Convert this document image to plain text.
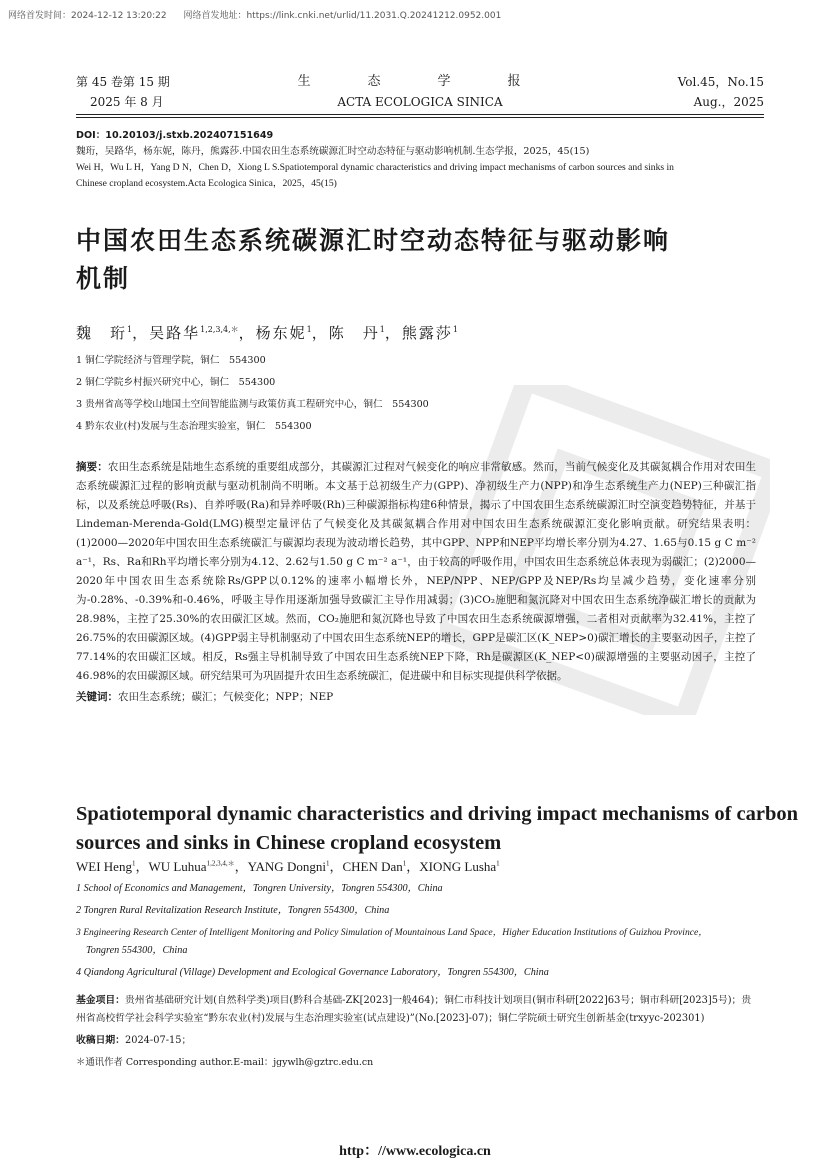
网络首发时间：2024-12-12 13:20:22 网络首发地址：https://link.cnki.net/urlid/11.2031.Q.20241212.0952.001
第 45 卷第 15 期
2025 年 8 月
生　态　学　报
ACTA ECOLOGICA SINICA
Vol.45，No.15
Aug.，2025
DOI：10.20103/j.stxb.202407151649
魏珩，吴路华，杨东妮，陈丹，熊露莎.中国农田生态系统碳源汇时空动态特征与驱动影响机制.生态学报，2025，45(15)
Wei H，Wu L H，Yang D N，Chen D，Xiong L S.Spatiotemporal dynamic characteristics and driving impact mechanisms of carbon sources and sinks in
Chinese cropland ecosystem.Acta Ecologica Sinica，2025，45(15)
中国农田生态系统碳源汇时空动态特征与驱动影响
机制
魏　珩$^1$，吴路华$^{1,2,3,4,*}$，杨东妮$^1$，陈　丹$^1$，熊露莎$^1$
1 铜仁学院经济与管理学院，铜仁　554300
2 铜仁学院乡村振兴研究中心，铜仁　554300
3 贵州省高等学校山地国土空间智能监测与政策仿真工程研究中心，铜仁　554300
4 黔东农业(村)发展与生态治理实验室，铜仁　554300
摘要：农田生态系统是陆地生态系统的重要组成部分，其碳源汇过程对气候变化的响应非常敏感。然而，当前气候变化及其碳氮耦合作用对农田生态系统碳源汇过程的影响贡献与驱动机制尚不明晰。本文基于总初级生产力(GPP)、净初级生产力(NPP)和净生态系统生产力(NEP)三种碳汇指标，以及系统总呼吸(Rs)、自养呼吸(Ra)和异养呼吸(Rh)三种碳源指标构建6种情景，揭示了中国农田生态系统碳源汇时空演变趋势特征，并基于Lindeman-Merenda-Gold(LMG)模型定量评估了气候变化及其碳氮耦合作用对中国农田生态系统碳源汇变化影响贡献。研究结果表明：(1)2000—2020年中国农田生态系统碳汇与碳源均表现为波动增长趋势，其中GPP、NPP和NEP平均增长率分别为4.27、1.65与0.15 g C m⁻² a⁻¹，Rs、Ra和Rh平均增长率分别为4.12、2.62与1.50 g C m⁻² a⁻¹，由于较高的呼吸作用，中国农田生态系统总体表现为弱碳汇；(2)2000—2020年中国农田生态系统除Rs/GPP以0.12%的速率小幅增长外，NEP/NPP、NEP/GPP及NEP/Rs均呈减少趋势，变化速率分别为-0.28%、-0.39%和-0.46%，呼吸主导作用逐渐加强导致碳汇主导作用减弱；(3)CO₂施肥和氮沉降对中国农田生态系统净碳汇增长的贡献为28.98%，主控了25.30%的农田碳汇区域。然而，CO₂施肥和氮沉降也导致了中国农田生态系统碳源增强，二者相对贡献率为32.41%，主控了26.75%的农田碳源区域。(4)GPP弱主导机制驱动了中国农田生态系统NEP的增长，GPP是碳汇区(K_NEP>0)碳汇增长的主要驱动因子，主控了77.14%的农田碳汇区域。相反，Rs强主导机制导致了中国农田生态系统NEP下降，Rh是碳源区(K_NEP<0)碳源增强的主要驱动因子，主控了46.98%的农田碳源区域。研究结果可为巩固提升农田生态系统碳汇，促进碳中和目标实现提供科学依据。
关键词：农田生态系统；碳汇；气候变化；NPP；NEP
Spatiotemporal dynamic characteristics and driving impact mechanisms of carbon
sources and sinks in Chinese cropland ecosystem
WEI Heng$^1$，WU Luhua$^{1,2,3,4,*}$，YANG Dongni$^1$，CHEN Dan$^1$，XIONG Lusha$^1$
1 School of Economics and Management，Tongren University，Tongren 554300，China
2 Tongren Rural Revitalization Research Institute，Tongren 554300，China
3 Engineering Research Center of Intelligent Monitoring and Policy Simulation of Mountainous Land Space，Higher Education Institutions of Guizhou Province，
Tongren 554300，China
4 Qiandong Agricultural (Village) Development and Ecological Governance Laboratory，Tongren 554300，China
基金项目：贵州省基础研究计划(自然科学类)项目(黔科合基础-ZK[2023]一般464)；铜仁市科技计划项目(铜市科研[2022]63号；铜市科研[2023]5号)；贵州省高校哲学社会科学实验室“黔东农业(村)发展与生态治理实验室(试点建设)”(No.[2023]-07)；铜仁学院硕士研究生创新基金(trxyyc-202301)
收稿日期：2024-07-15；
＊通讯作者 Corresponding author.E-mail：jgywlh@gztrc.edu.cn
http：//www.ecologica.cn
